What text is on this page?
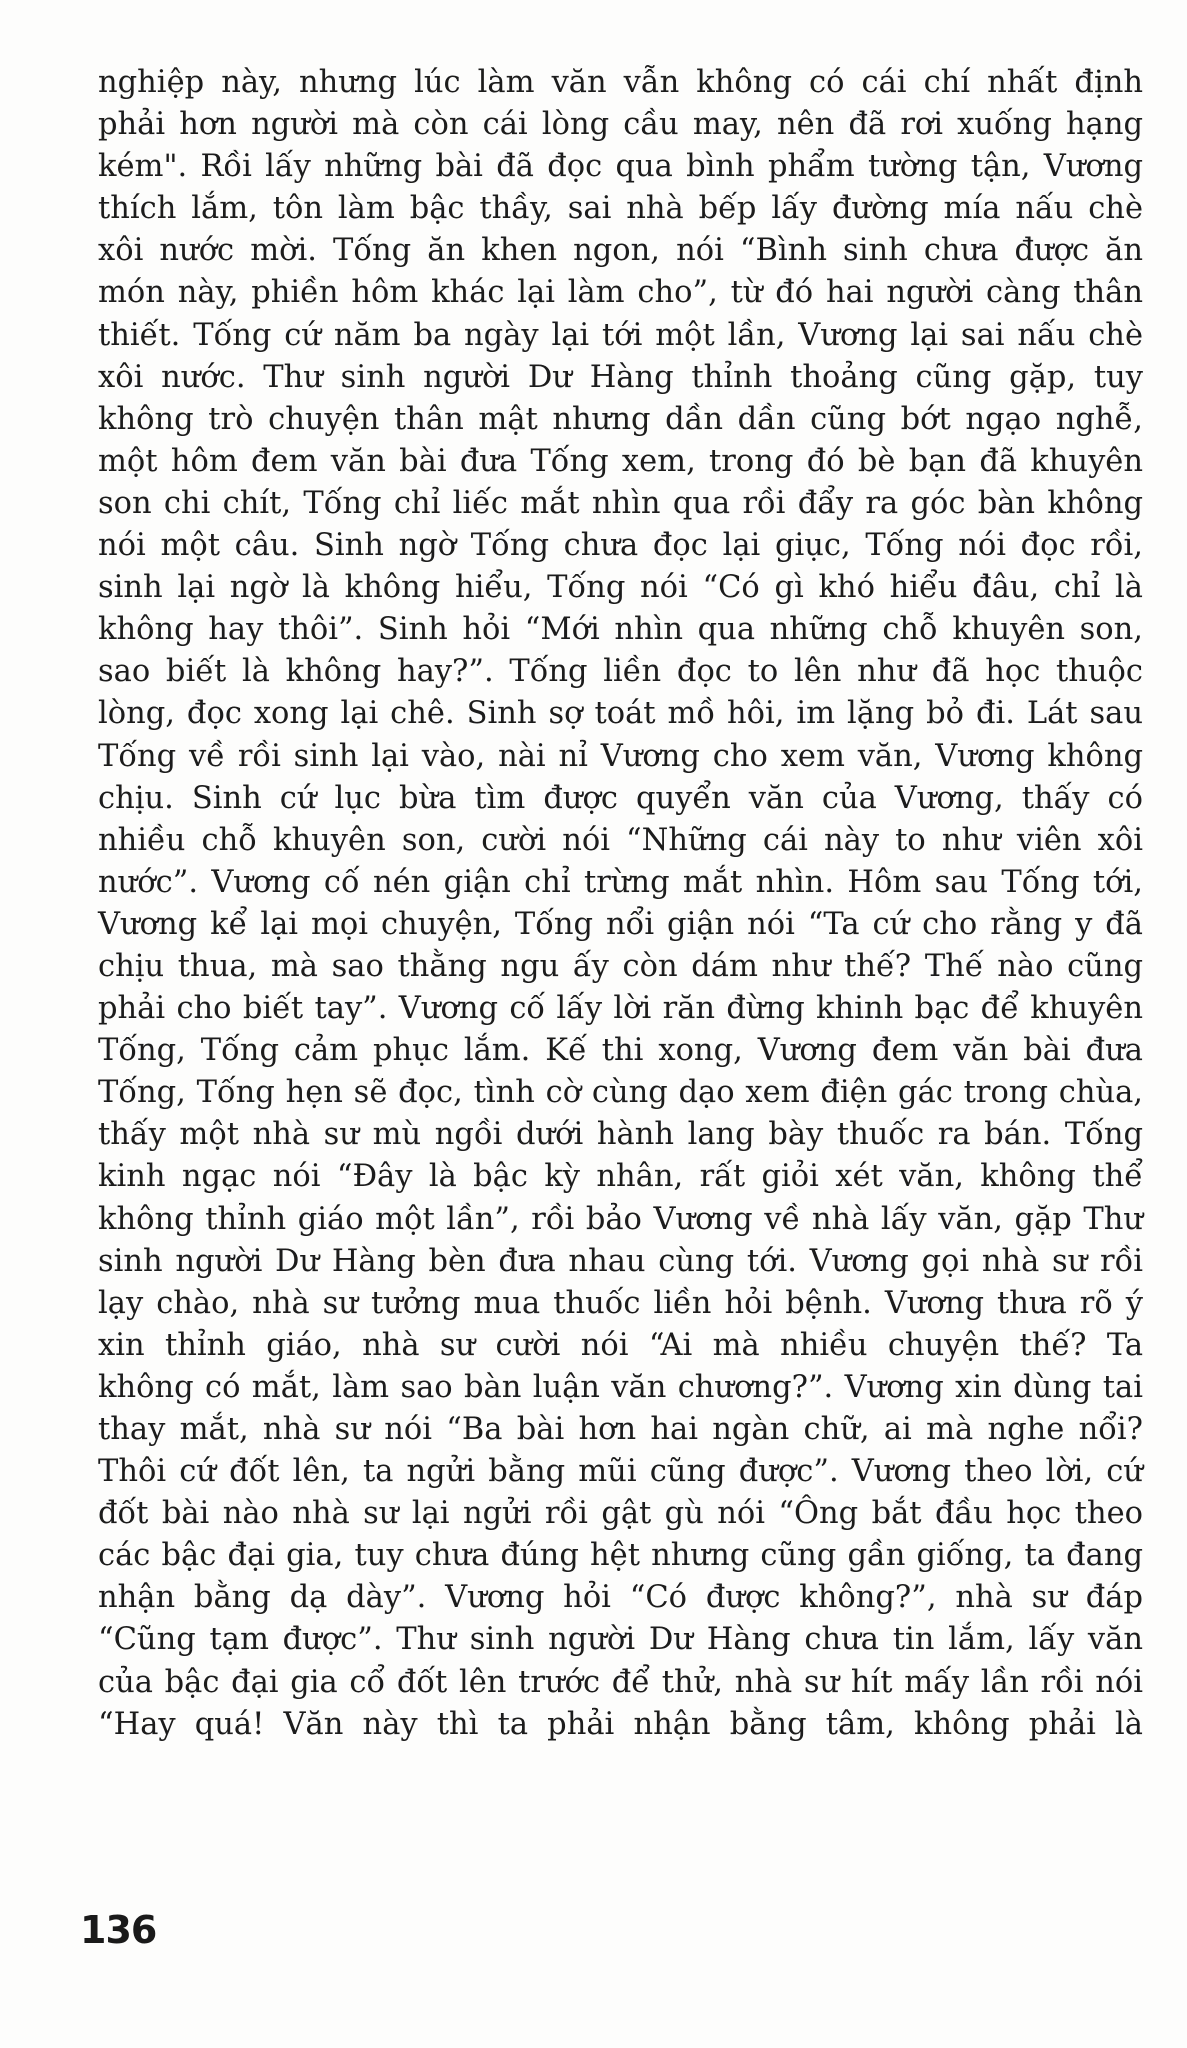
nghiệp này, nhưng lúc làm văn vẫn không có cái chí nhất định
phải hơn người mà còn cái lòng cầu may, nên đã rơi xuống hạng
kém". Rồi lấy những bài đã đọc qua bình phẩm tường tận, Vương
thích lắm, tôn làm bậc thầy, sai nhà bếp lấy đường mía nấu chè
xôi nước mời. Tống ăn khen ngon, nói “Bình sinh chưa được ăn
món này, phiền hôm khác lại làm cho”, từ đó hai người càng thân
thiết. Tống cứ năm ba ngày lại tới một lần, Vương lại sai nấu chè
xôi nước. Thư sinh người Dư Hàng thỉnh thoảng cũng gặp, tuy
không trò chuyện thân mật nhưng dần dần cũng bớt ngạo nghễ,
một hôm đem văn bài đưa Tống xem, trong đó bè bạn đã khuyên
son chi chít, Tống chỉ liếc mắt nhìn qua rồi đẩy ra góc bàn không
nói một câu. Sinh ngờ Tống chưa đọc lại giục, Tống nói đọc rồi,
sinh lại ngờ là không hiểu, Tống nói “Có gì khó hiểu đâu, chỉ là
không hay thôi”. Sinh hỏi “Mới nhìn qua những chỗ khuyên son,
sao biết là không hay?”. Tống liền đọc to lên như đã học thuộc
lòng, đọc xong lại chê. Sinh sợ toát mồ hôi, im lặng bỏ đi. Lát sau
Tống về rồi sinh lại vào, nài nỉ Vương cho xem văn, Vương không
chịu. Sinh cứ lục bừa tìm được quyển văn của Vương, thấy có
nhiều chỗ khuyên son, cười nói “Những cái này to như viên xôi
nước”. Vương cố nén giận chỉ trừng mắt nhìn. Hôm sau Tống tới,
Vương kể lại mọi chuyện, Tống nổi giận nói “Ta cứ cho rằng y đã
chịu thua, mà sao thằng ngu ấy còn dám như thế? Thế nào cũng
phải cho biết tay”. Vương cố lấy lời răn đừng khinh bạc để khuyên
Tống, Tống cảm phục lắm. Kế thi xong, Vương đem văn bài đưa
Tống, Tống hẹn sẽ đọc, tình cờ cùng dạo xem điện gác trong chùa,
thấy một nhà sư mù ngồi dưới hành lang bày thuốc ra bán. Tống
kinh ngạc nói “Đây là bậc kỳ nhân, rất giỏi xét văn, không thể
không thỉnh giáo một lần”, rồi bảo Vương về nhà lấy văn, gặp Thư
sinh người Dư Hàng bèn đưa nhau cùng tới. Vương gọi nhà sư rồi
lạy chào, nhà sư tưởng mua thuốc liền hỏi bệnh. Vương thưa rõ ý
xin thỉnh giáo, nhà sư cười nói “Ai mà nhiều chuyện thế? Ta
không có mắt, làm sao bàn luận văn chương?”. Vương xin dùng tai
thay mắt, nhà sư nói “Ba bài hơn hai ngàn chữ, ai mà nghe nổi?
Thôi cứ đốt lên, ta ngửi bằng mũi cũng được”. Vương theo lời, cứ
đốt bài nào nhà sư lại ngửi rồi gật gù nói “Ông bắt đầu học theo
các bậc đại gia, tuy chưa đúng hệt nhưng cũng gần giống, ta đang
nhận bằng dạ dày”. Vương hỏi “Có được không?”, nhà sư đáp
“Cũng tạm được”. Thư sinh người Dư Hàng chưa tin lắm, lấy văn
của bậc đại gia cổ đốt lên trước để thử, nhà sư hít mấy lần rồi nói
“Hay quá! Văn này thì ta phải nhận bằng tâm, không phải là
136
